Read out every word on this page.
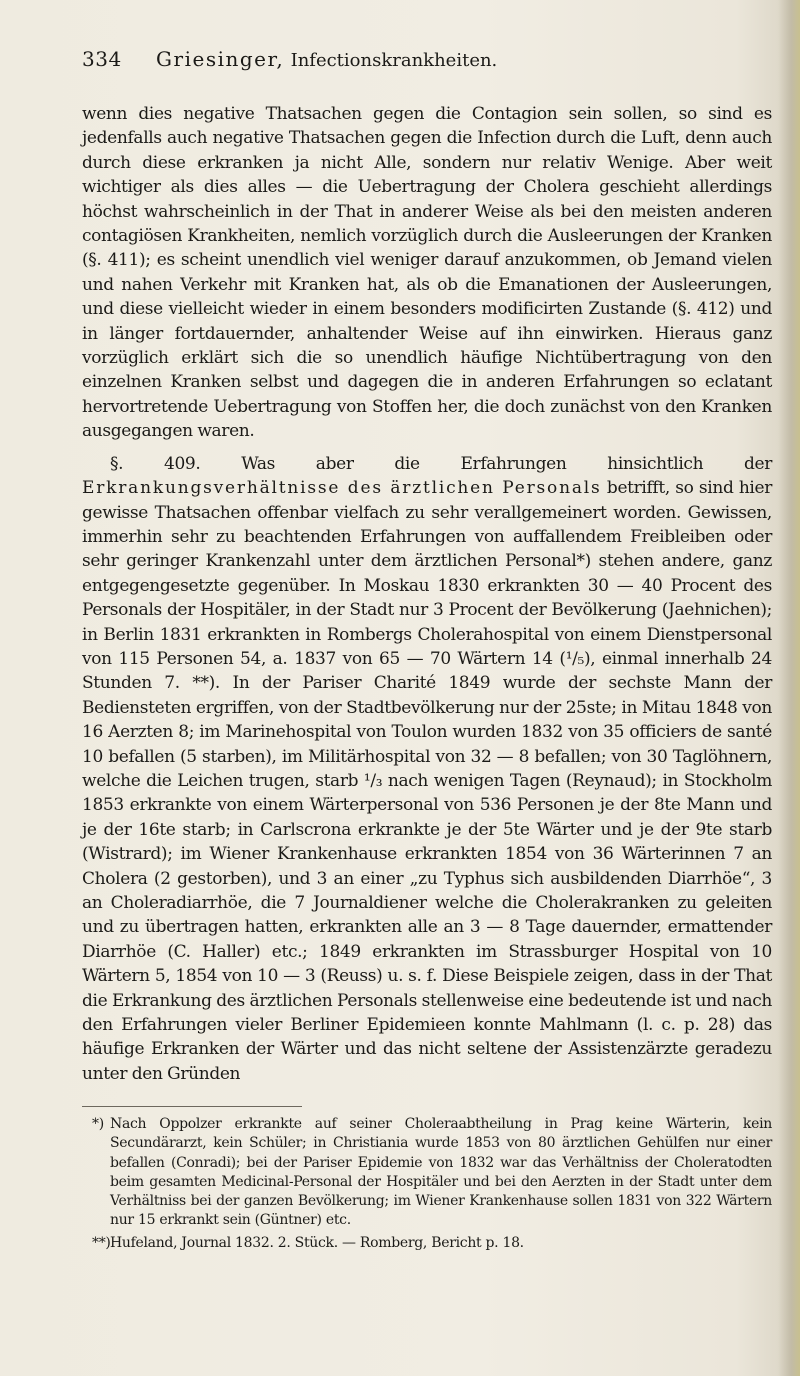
334 Griesinger, Infectionskrankheiten.

wenn dies negative Thatsachen gegen die Contagion sein sollen, so sind es jedenfalls auch negative Thatsachen gegen die Infection durch die Luft, denn auch durch diese erkranken ja nicht Alle, sondern nur relativ Wenige. Aber weit wichtiger als dies alles — die Uebertragung der Cholera geschieht allerdings höchst wahrscheinlich in der That in anderer Weise als bei den meisten anderen contagiösen Krankheiten, nemlich vorzüglich durch die Ausleerungen der Kranken (§. 411); es scheint unendlich viel weniger darauf anzukommen, ob Jemand vielen und nahen Verkehr mit Kranken hat, als ob die Emanationen der Ausleerungen, und diese vielleicht wieder in einem besonders modificirten Zustande (§. 412) und in länger fortdauernder, anhaltender Weise auf ihn einwirken. Hieraus ganz vorzüglich erklärt sich die so unendlich häufige Nichtübertragung von den einzelnen Kranken selbst und dagegen die in anderen Erfahrungen so eclatant hervortretende Uebertragung von Stoffen her, die doch zunächst von den Kranken ausgegangen waren.

§. 409. Was aber die Erfahrungen hinsichtlich der Erkrankungsverhältnisse des ärztlichen Personals betrifft, so sind hier gewisse Thatsachen offenbar vielfach zu sehr verallgemeinert worden. Gewissen, immerhin sehr zu beachtenden Erfahrungen von auffallendem Freibleiben oder sehr geringer Krankenzahl unter dem ärztlichen Personal*) stehen andere, ganz entgegengesetzte gegenüber. In Moskau 1830 erkrankten 30 — 40 Procent des Personals der Hospitäler, in der Stadt nur 3 Procent der Bevölkerung (Jaehnichen); in Berlin 1831 erkrankten in Rombergs Cholerahospital von einem Dienstpersonal von 115 Personen 54, a. 1837 von 65 — 70 Wärtern 14 (¹/₅), einmal innerhalb 24 Stunden 7. **). In der Pariser Charité 1849 wurde der sechste Mann der Bediensteten ergriffen, von der Stadtbevölkerung nur der 25ste; in Mitau 1848 von 16 Aerzten 8; im Marinehospital von Toulon wurden 1832 von 35 officiers de santé 10 befallen (5 starben), im Militärhospital von 32 — 8 befallen; von 30 Taglöhnern, welche die Leichen trugen, starb ¹/₃ nach wenigen Tagen (Reynaud); in Stockholm 1853 erkrankte von einem Wärterpersonal von 536 Personen je der 8te Mann und je der 16te starb; in Carlscrona erkrankte je der 5te Wärter und je der 9te starb (Wistrard); im Wiener Krankenhause erkrankten 1854 von 36 Wärterinnen 7 an Cholera (2 gestorben), und 3 an einer „zu Typhus sich ausbildenden Diarrhöe“, 3 an Choleradiarrhöe, die 7 Journaldiener welche die Cholerakranken zu geleiten und zu übertragen hatten, erkrankten alle an 3 — 8 Tage dauernder, ermattender Diarrhöe (C. Haller) etc.; 1849 erkrankten im Strassburger Hospital von 10 Wärtern 5, 1854 von 10 — 3 (Reuss) u. s. f. Diese Beispiele zeigen, dass in der That die Erkrankung des ärztlichen Personals stellenweise eine bedeutende ist und nach den Erfahrungen vieler Berliner Epidemieen konnte Mahlmann (l. c. p. 28) das häufige Erkranken der Wärter und das nicht seltene der Assistenzärzte geradezu unter den Gründen

*) Nach Oppolzer erkrankte auf seiner Choleraabtheilung in Prag keine Wärterin, kein Secundärarzt, kein Schüler; in Christiania wurde 1853 von 80 ärztlichen Gehülfen nur einer befallen (Conradi); bei der Pariser Epidemie von 1832 war das Verhältniss der Choleratodten beim gesamten Medicinal-Personal der Hospitäler und bei den Aerzten in der Stadt unter dem Verhältniss bei der ganzen Bevölkerung; im Wiener Krankenhause sollen 1831 von 322 Wärtern nur 15 erkrankt sein (Güntner) etc.

**)Hufeland, Journal 1832. 2. Stück. — Romberg, Bericht p. 18.
